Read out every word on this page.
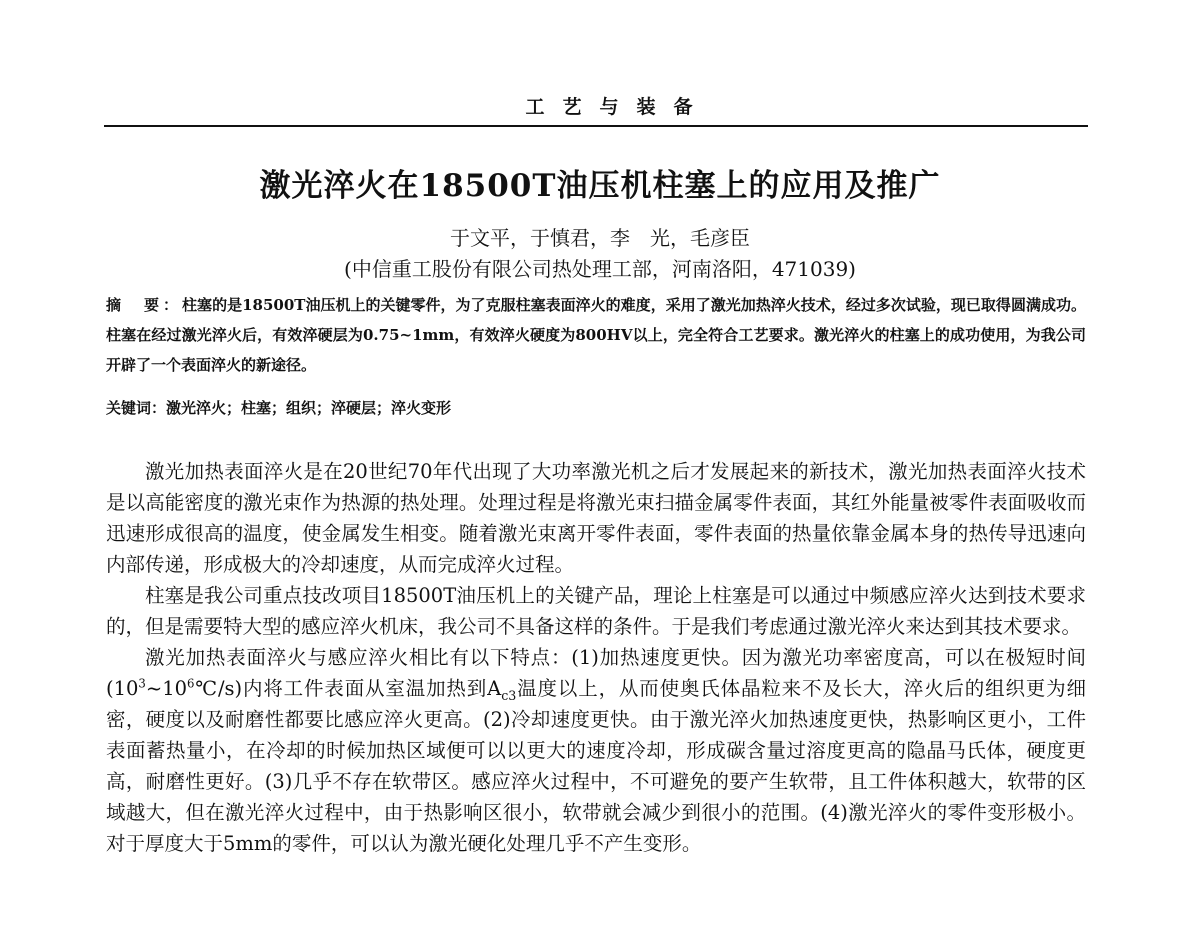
工艺与装备
激光淬火在18500T油压机柱塞上的应用及推广
于文平，于慎君，李　光，毛彦臣
(中信重工股份有限公司热处理工部，河南洛阳，471039)
摘　要：柱塞的是18500T油压机上的关键零件，为了克服柱塞表面淬火的难度，采用了激光加热淬火技术，经过多次试验，现已取得圆满成功。柱塞在经过激光淬火后，有效淬硬层为0.75~1mm，有效淬火硬度为800HV以上，完全符合工艺要求。激光淬火的柱塞上的成功使用，为我公司开辟了一个表面淬火的新途径。
关键词：激光淬火；柱塞；组织；淬硬层；淬火变形

激光加热表面淬火是在20世纪70年代出现了大功率激光机之后才发展起来的新技术，激光加热表面淬火技术是以高能密度的激光束作为热源的热处理。处理过程是将激光束扫描金属零件表面，其红外能量被零件表面吸收而迅速形成很高的温度，使金属发生相变。随着激光束离开零件表面，零件表面的热量依靠金属本身的热传导迅速向内部传递，形成极大的冷却速度，从而完成淬火过程。

柱塞是我公司重点技改项目18500T油压机上的关键产品，理论上柱塞是可以通过中频感应淬火达到技术要求的，但是需要特大型的感应淬火机床，我公司不具备这样的条件。于是我们考虑通过激光淬火来达到其技术要求。

激光加热表面淬火与感应淬火相比有以下特点：(1)加热速度更快。因为激光功率密度高，可以在极短时间$(10^3\sim 10^6℃/s)$内将工件表面从室温加热到$A_{c3}$温度以上，从而使奥氏体晶粒来不及长大，淬火后的组织更为细密，硬度以及耐磨性都要比感应淬火更高。(2)冷却速度更快。由于激光淬火加热速度更快，热影响区更小，工件表面蓄热量小，在冷却的时候加热区域便可以以更大的速度冷却，形成碳含量过溶度更高的隐晶马氏体，硬度更高，耐磨性更好。(3)几乎不存在软带区。感应淬火过程中，不可避免的要产生软带，且工件体积越大，软带的区域越大，但在激光淬火过程中，由于热影响区很小，软带就会减少到很小的范围。(4)激光淬火的零件变形极小。对于厚度大于5mm的零件，可以认为激光硬化处理几乎不产生变形。
